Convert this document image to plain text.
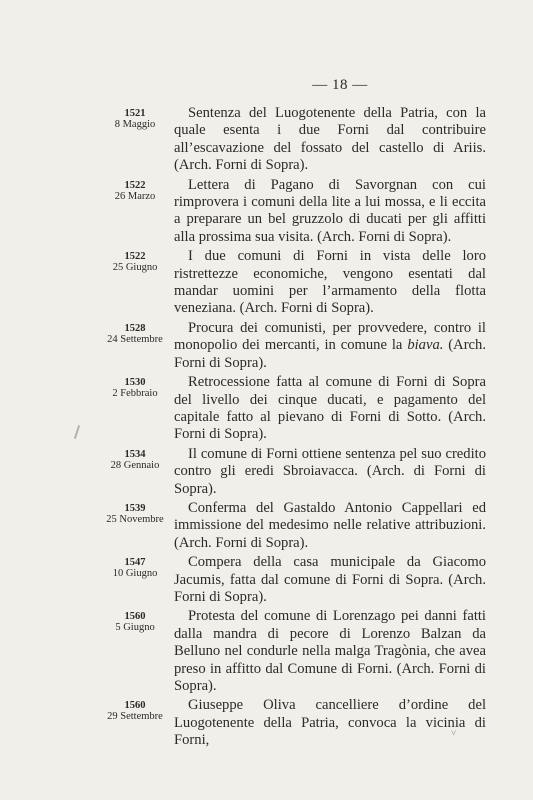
— 18 —
1521
8 Maggio
Sentenza del Luogotenente della Patria, con la quale esenta i due Forni dal contribuire all’escavazione del fossato del castello di Ariis. (Arch. Forni di Sopra).
1522
26 Marzo
Lettera di Pagano di Savorgnan con cui rimprovera i comuni della lite a lui mossa, e li eccita a preparare un bel gruzzolo di ducati per gli affitti alla prossima sua visita. (Arch. Forni di Sopra).
1522
25 Giugno
I due comuni di Forni in vista delle loro ristrettezze economiche, vengono esentati dal mandar uomini per l’armamento della flotta veneziana. (Arch. Forni di Sopra).
1528
24 Settembre
Procura dei comunisti, per provvedere, contro il monopolio dei mercanti, in comune la biava. (Arch. Forni di Sopra).
1530
2 Febbraio
Retrocessione fatta al comune di Forni di Sopra del livello dei cinque ducati, e pagamento del capitale fatto al pievano di Forni di Sotto. (Arch. Forni di Sopra).
1534
28 Gennaio
Il comune di Forni ottiene sentenza pel suo credito contro gli eredi Sbroiavacca. (Arch. di Forni di Sopra).
1539
25 Novembre
Conferma del Gastaldo Antonio Cappellari ed immissione del medesimo nelle relative attribuzioni. (Arch. Forni di Sopra).
1547
10 Giugno
Compera della casa municipale da Giacomo Jacumis, fatta dal comune di Forni di Sopra. (Arch. Forni di Sopra).
1560
5 Giugno
Protesta del comune di Lorenzago pei danni fatti dalla mandra di pecore di Lorenzo Balzan da Belluno nel condurle nella malga Tragònia, che avea preso in affitto dal Comune di Forni. (Arch. Forni di Sopra).
1560
29 Settembre
Giuseppe Oliva cancelliere d’ordine del Luogotenente della Patria, convoca la vicinia di Forni,	˅
